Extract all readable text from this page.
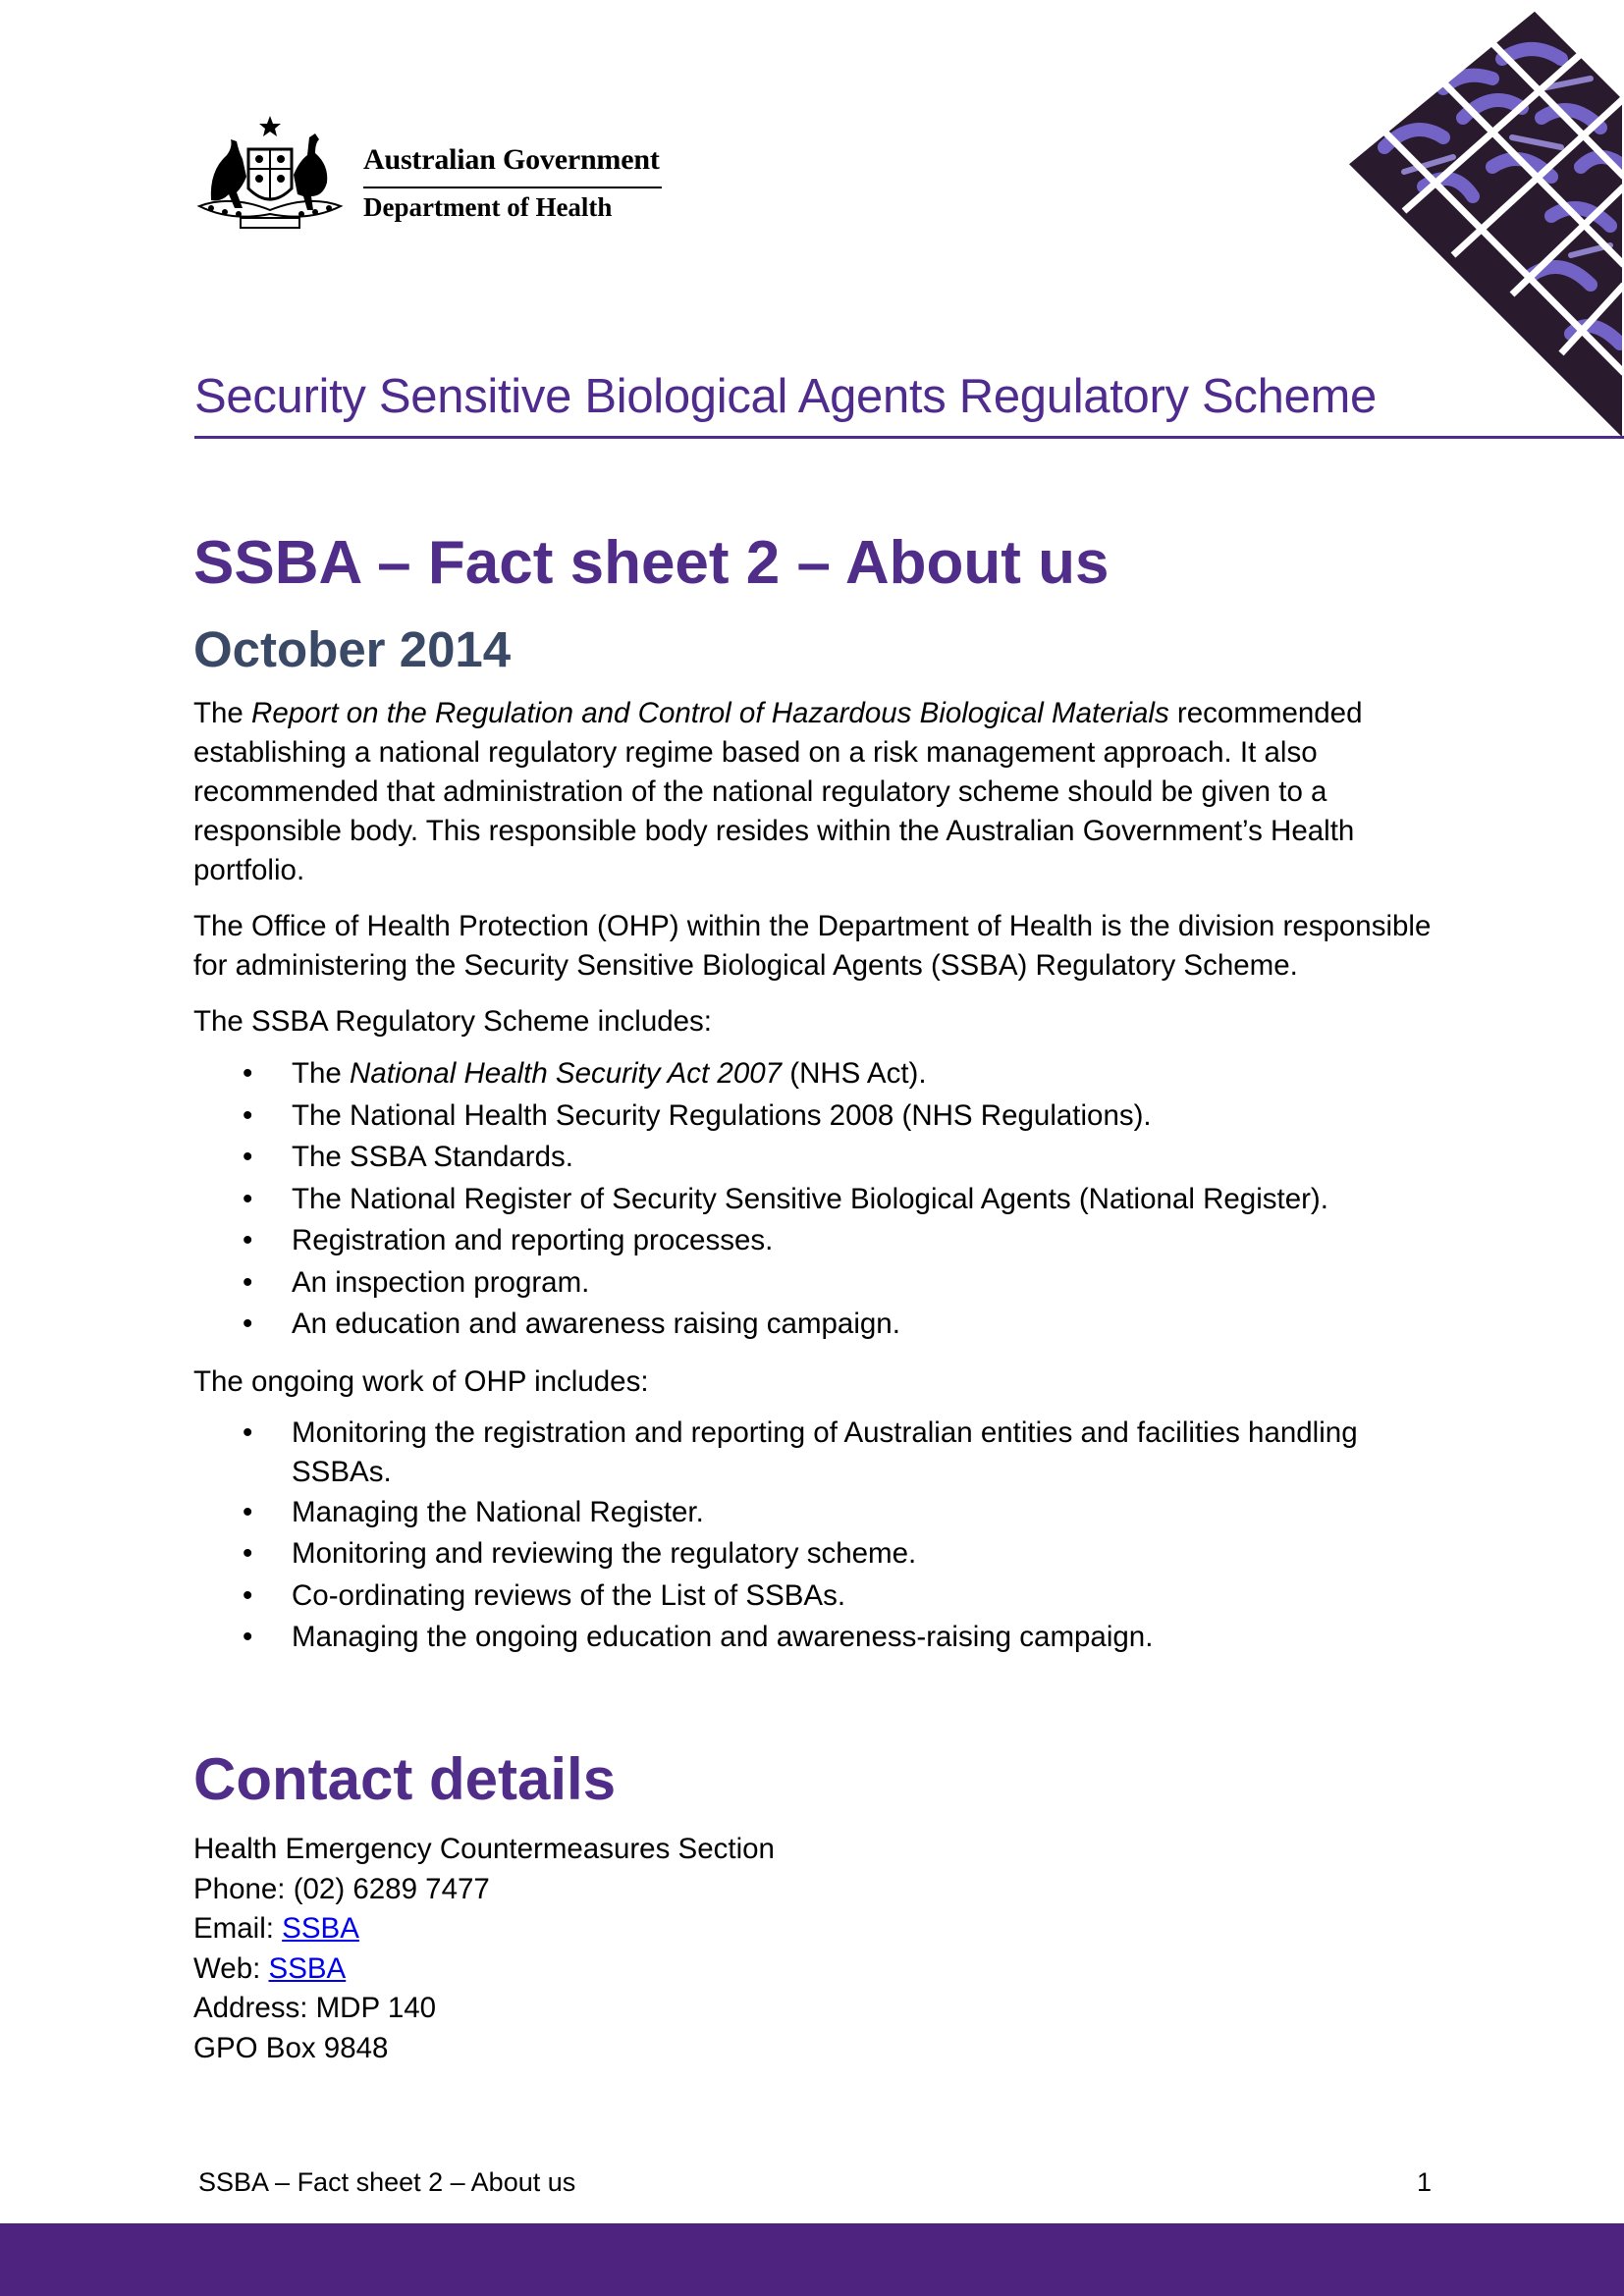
Australian Government
Department of Health
Security Sensitive Biological Agents Regulatory Scheme
SSBA – Fact sheet 2 – About us
October 2014

The Report on the Regulation and Control of Hazardous Biological Materials recommended establishing a national regulatory regime based on a risk management approach. It also recommended that administration of the national regulatory scheme should be given to a responsible body. This responsible body resides within the Australian Government’s Health portfolio.

The Office of Health Protection (OHP) within the Department of Health is the division responsible for administering the Security Sensitive Biological Agents (SSBA) Regulatory Scheme.

The SSBA Regulatory Scheme includes:

• The National Health Security Act 2007 (NHS Act).
• The National Health Security Regulations 2008 (NHS Regulations).
• The SSBA Standards.
• The National Register of Security Sensitive Biological Agents (National Register).
• Registration and reporting processes.
• An inspection program.
• An education and awareness raising campaign.

The ongoing work of OHP includes:

• Monitoring the registration and reporting of Australian entities and facilities handling SSBAs.
• Managing the National Register.
• Monitoring and reviewing the regulatory scheme.
• Co-ordinating reviews of the List of SSBAs.
• Managing the ongoing education and awareness-raising campaign.
Contact details
Health Emergency Countermeasures Section
Phone: (02) 6289 7477
Email: SSBA
Web: SSBA
Address: MDP 140
GPO Box 9848
SSBA – Fact sheet 2 – About us	1
